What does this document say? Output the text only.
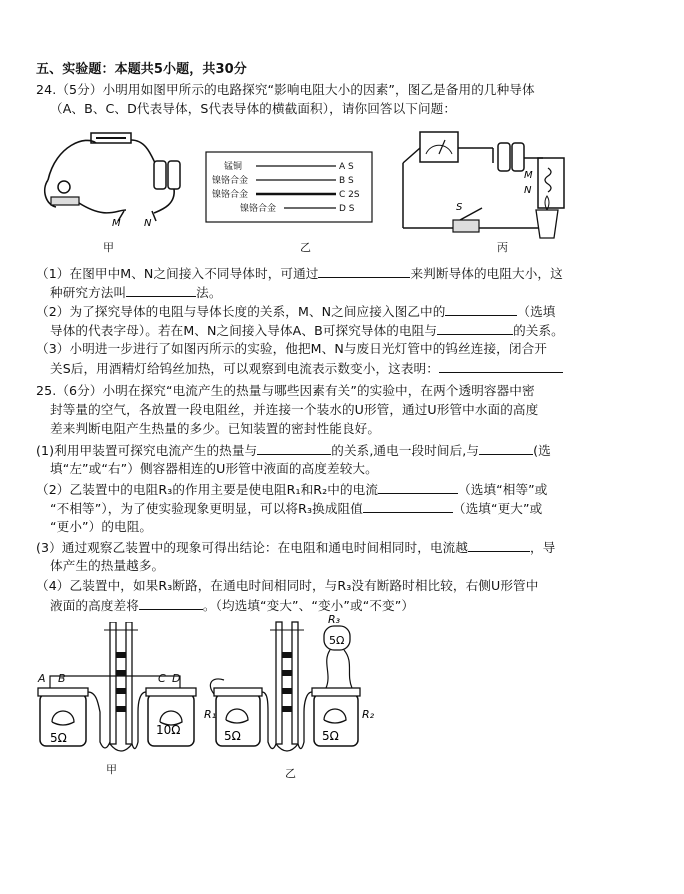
五、实验题：本题共5小题，共30分
24.（5分）小明用如图甲所示的电路探究“影响电阻大小的因素”，图乙是备用的几种导体
（A、B、C、D代表导体，S代表导体的横截面积），请你回答以下问题：
M N
甲
锰铜	A S
镍铬合金	B S
镍铬合金	C 2S
镍铬合金	D S
乙
M
N
S
丙
（1）在图甲中M、N之间接入不同导体时，可通过	来判断导体的电阻大小，这
种研究方法叫	法。
（2）为了探究导体的电阻与导体长度的关系，M、N之间应接入图乙中的	（选填
导体的代表字母）。若在M、N之间接入导体A、B可探究导体的电阻与	的关系。
（3）小明进一步进行了如图丙所示的实验，他把M、N与废日光灯管中的钨丝连接，闭合开
关S后，用酒精灯给钨丝加热，可以观察到电流表示数变小，这表明：
25.（6分）小明在探究“电流产生的热量与哪些因素有关”的实验中，在两个透明容器中密
封等量的空气，各放置一段电阻丝，并连接一个装水的U形管，通过U形管中水面的高度
差来判断电阻产生热量的多少。已知装置的密封性能良好。
(1)利用甲装置可探究电流产生的热量与	的关系,通电一段时间后,与	(选
填“左”或“右”）侧容器相连的U形管中液面的高度差较大。
（2）乙装置中的电阻R₃的作用主要是使电阻R₁和R₂中的电流	（选填“相等”或
“不相等”），为了使实验现象更明显，可以将R₃换成阻值	（选填“更大”或
“更小”）的电阻。
(3）通过观察乙装置中的现象可得出结论：在电阻和通电时间相同时，电流越	，导
体产生的热量越多。
（4）乙装置中，如果R₃断路，在通电时间相同时，与R₃没有断路时相比较，右侧U形管中
液面的高度差将	。（均选填“变大”、“变小”或“不变”）
A B	C D
5Ω
10Ω
甲
R₃
5Ω
R₁	R₂
5Ω	5Ω
乙
